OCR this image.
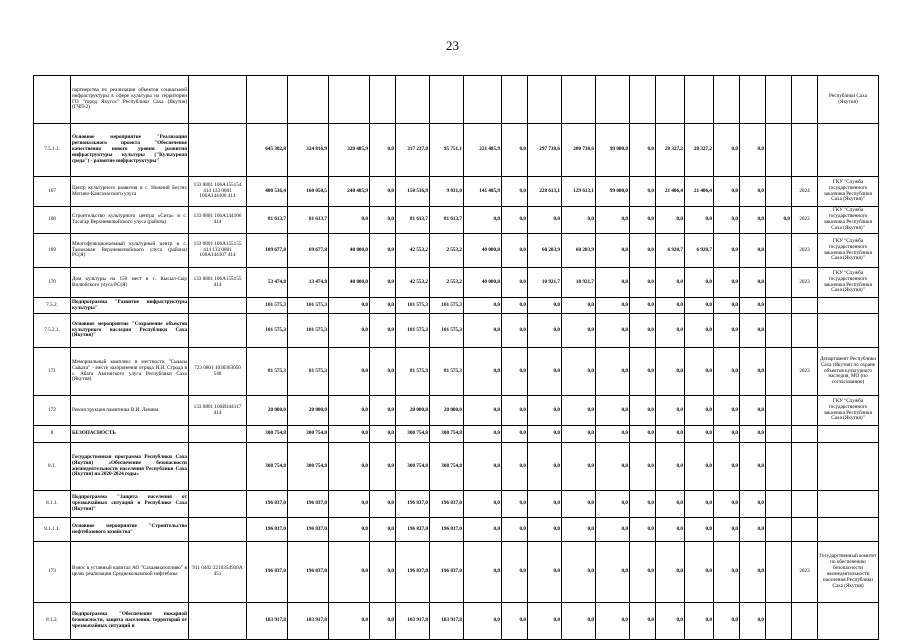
23
	партнерства по реализации объектов социальной инфраструктуры в сфере культуры на территории ГО "город Якутск" Республики Саха (Якутия) (ГЧП-2)																				Республики Саха (Якутия)
7.5.1.1.	Основное мероприятие "Реализация регионального проекта "Обеспечение качественно нового уровня развития инфраструктуры культуры ("Культурная среда") - развитие инфраструктуры"		645 302,8	324 816,9	320 485,9	0,0	317 237,0	95 751,1	221 485,9	0,0	297 738,6	200 738,6	99 000,0	0,0	28 327,2	28 327,2	0,0	0,0			
167	Центр культурного развития в с. Нижний Бестях Мегино-Кангаласского улуса	133 0801 106A155154 414 133 0801 106A144106 414	400 536,4	160 050,5	240 485,9	0,0	150 516,9	9 031,0	141 485,9	0,0	228 613,1	129 613,1	99 000,0	0,0	21 406,4	21 406,4	0,0	0,0		2024	ГКУ "Служба государственного заказчика Республики Саха (Якутия)"
168	Строительство культурного центра «Сита» в с. Тасагар Верхневилюйского улуса (района)	133 0801 106A144106 414	81 613,7	81 613,7	0,0	0,0	81 613,7	81 613,7	0,0	0,0	0,0	0,0	0,0	0,0	0,0	0,0	0,0	0,0	0,0	2022	ГКУ "Служба государственного заказчика Республики Саха (Якутия)"
169	Многофункциональный культурный центр в с. Тамалакан Верхневилюйского улуса (района) РС(Я)	133 0801 106A155155 414 133 0801 106A144107 414	109 677,8	69 677,8	40 000,0	0,0	42 553,2	2 553,2	40 000,0	0,0	60 203,9	60 203,9	0,0	0,0	6 920,7	6 920,7	0,0	0,0		2023	ГКУ "Служба государственного заказчика Республики Саха (Якутия)"
170	Дом культуры на 150 мест в с. Кысыл-Сыр Вилюйского улуса РС(Я)	133 0801 106A155155 414	53 474,8	13 474,8	40 000,0	0,0	42 553,2	2 553,2	40 000,0	0,0	10 921,7	10 921,7	0,0	0,0	0,0	0,0	0,0	0,0		2023	ГКУ "Служба государственного заказчика Республики Саха (Якутия)"
7.5.2.	Подпрограмма "Развитие инфраструктуры культуры"		101 575,3	101 575,3	0,0	0,0	101 575,3	101 575,3	0,0	0,0	0,0	0,0	0,0	0,0	0,0	0,0	0,0	0,0			
7.5.2.1.	Основное мероприятие "Сохранение объектов культурного наследия Республики Саха (Якутия)"		101 575,3	101 575,3	0,0	0,0	101 575,3	101 575,3	0,0	0,0	0,0	0,0	0,0	0,0	0,0	0,0	0,0	0,0			
171	Мемориальный комплекс в местности "Сыьыы Сыьата" - месте захоронения отряда И.Я. Строда в с. Абага Амгинского улуса Республики Саха (Якутия)	723 0801 1030363050 540	81 575,3	81 575,3	0,0	0,0	81 575,3	81 575,3	0,0	0,0	0,0	0,0	0,0	0,0	0,0	0,0	0,0	0,0		2023	Департамент Республики Саха (Якутия) по охране объектов культурного наследия, МО (по согласованию)
172	Реконструкция памятника В.И. Ленина	133 0801 106И144117 414	20 000,0	20 000,0	0,0	0,0	20 000,0	20 000,0	0,0	0,0	0,0	0,0	0,0	0,0	0,0	0,0	0,0	0,0			ГКУ "Служба государственного заказчика Республики Саха (Якутия)"
8	БЕЗОПАСНОСТЬ		300 754,8	300 754,8	0,0	0,0	300 754,8	300 754,8	0,0	0,0	0,0	0,0	0,0	0,0	0,0	0,0	0,0	0,0			
8.1.	Государственная программа Республики Саха (Якутия) «Обеспечение безопасности жизнедеятельности населения Республики Саха (Якутия) на 2020-2024 годы»		300 754,8	300 754,8	0,0	0,0	300 754,8	300 754,8	0,0	0,0	0,0	0,0	0,0	0,0	0,0	0,0	0,0	0,0			
8.1.1.	Подпрограмма "Защита населения от чрезвычайных ситуаций в Республике Саха (Якутия)"		196 837,0	196 837,0	0,0	0,0	196 837,0	196 837,0	0,0	0,0	0,0	0,0	0,0	0,0	0,0	0,0	0,0	0,0			
8.1.1.1.	Основное мероприятие "Строительство нефтебазового хозяйства"		196 837,0	196 837,0	0,0	0,0	196 837,0	196 837,0	0,0	0,0	0,0	0,0	0,0	0,0	0,0	0,0	0,0	0,0			
173	Взнос в уставный капитал АО "Сахаавиатопливо" в целях реализации Среднеколымской нефтебазы	911 0402 2210354930А 451	196 837,0	196 837,0	0,0	0,0	196 837,0	196 837,0	0,0	0,0	0,0	0,0	0,0	0,0	0,0	0,0	0,0	0,0		2023	Государственный комитет по обеспечению безопасности жизнедеятельности населения Республики Саха (Якутия)
8.1.2.	Подпрограмма "Обеспечение пожарной безопасности, защита населения, территорий от чрезвычайных ситуаций и		103 917,8	103 917,8	0,0	0,0	103 917,8	103 917,8	0,0	0,0	0,0	0,0	0,0	0,0	0,0	0,0	0,0	0,0			
